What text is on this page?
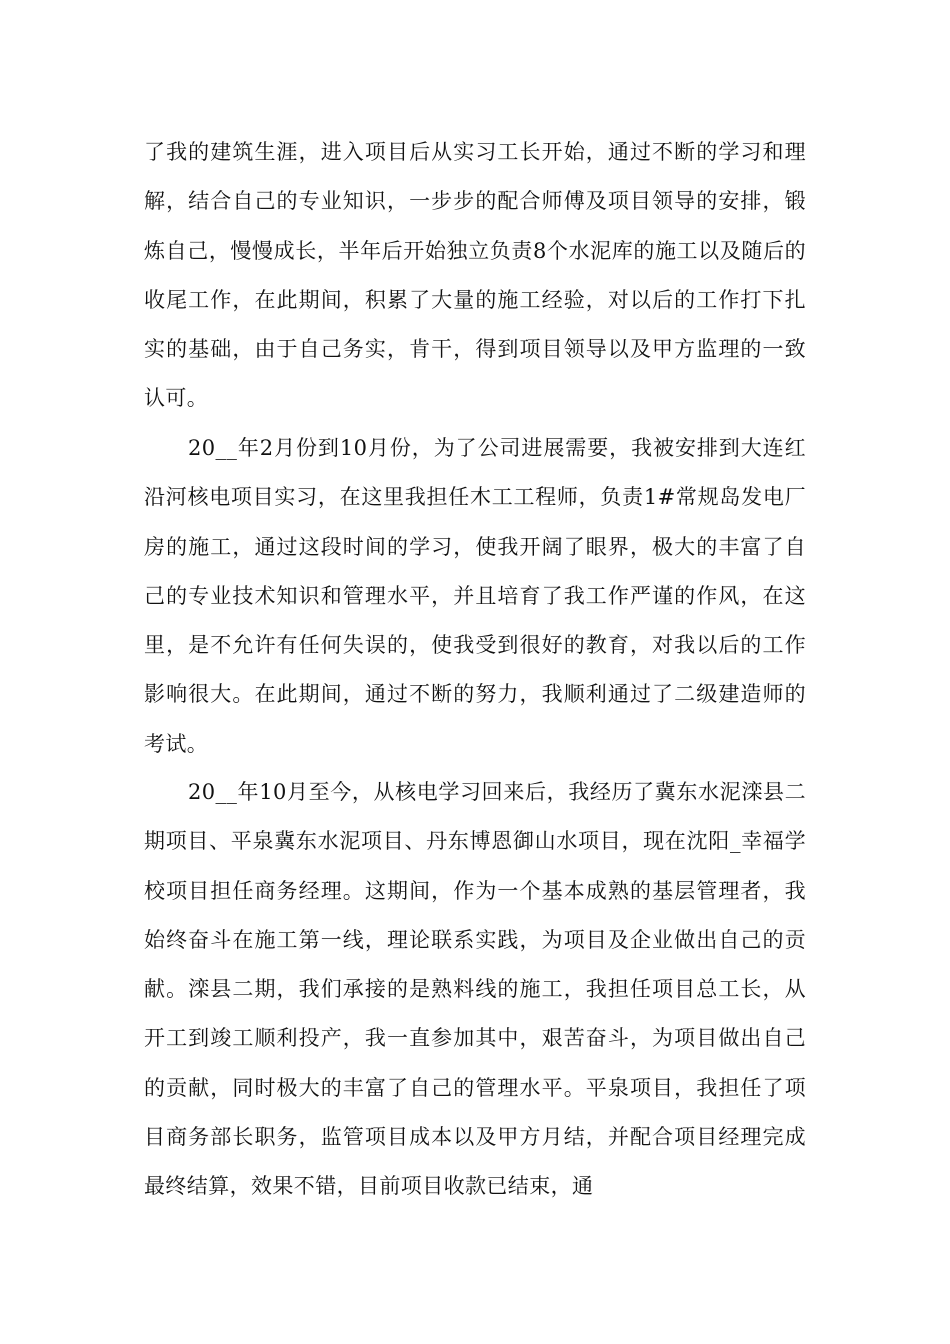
了我的建筑生涯，进入项目后从实习工长开始，通过不断的学习和理解，结合自己的专业知识，一步步的配合师傅及项目领导的安排，锻炼自己，慢慢成长，半年后开始独立负责8个水泥库的施工以及随后的收尾工作，在此期间，积累了大量的施工经验，对以后的工作打下扎实的基础，由于自己务实，肯干，得到项目领导以及甲方监理的一致认可。

20__年2月份到10月份，为了公司进展需要，我被安排到大连红沿河核电项目实习，在这里我担任木工工程师，负责1#常规岛发电厂房的施工，通过这段时间的学习，使我开阔了眼界，极大的丰富了自己的专业技术知识和管理水平，并且培育了我工作严谨的作风，在这里，是不允许有任何失误的，使我受到很好的教育，对我以后的工作影响很大。在此期间，通过不断的努力，我顺利通过了二级建造师的考试。

20__年10月至今，从核电学习回来后，我经历了冀东水泥滦县二期项目、平泉冀东水泥项目、丹东博恩御山水项目，现在沈阳_幸福学校项目担任商务经理。这期间，作为一个基本成熟的基层管理者，我始终奋斗在施工第一线，理论联系实践，为项目及企业做出自己的贡献。滦县二期，我们承接的是熟料线的施工，我担任项目总工长，从开工到竣工顺利投产，我一直参加其中，艰苦奋斗，为项目做出自己的贡献，同时极大的丰富了自己的管理水平。平泉项目，我担任了项目商务部长职务，监管项目成本以及甲方月结，并配合项目经理完成最终结算，效果不错，目前项目收款已结束，通
